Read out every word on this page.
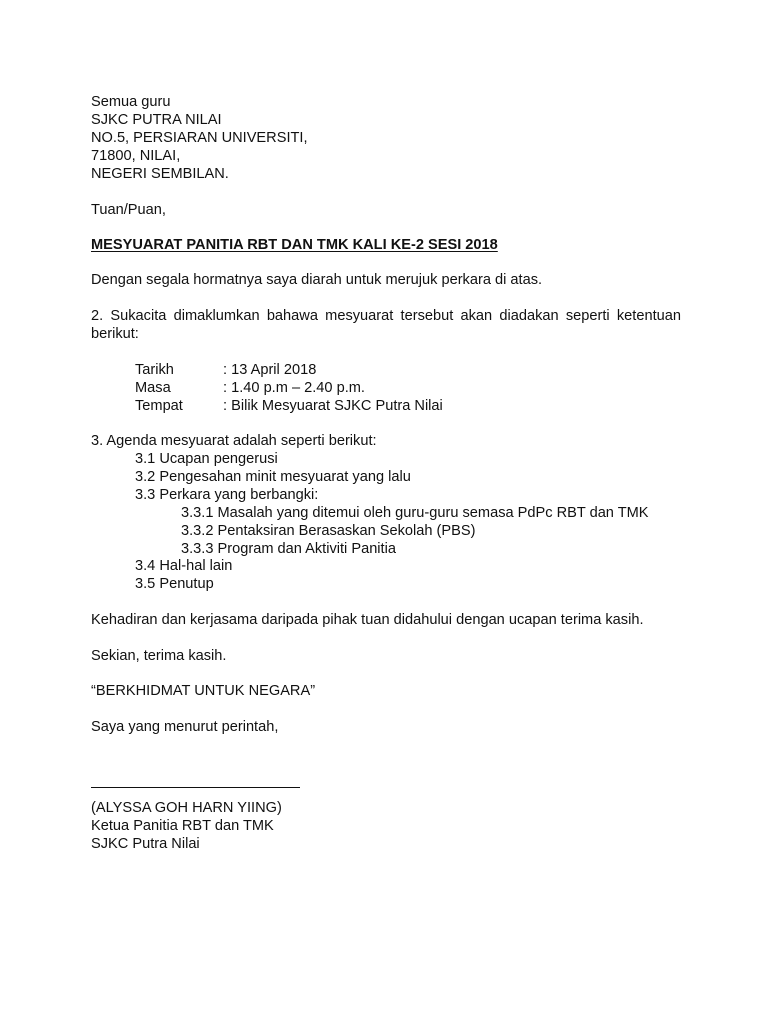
Semua guru
SJKC PUTRA NILAI
NO.5, PERSIARAN UNIVERSITI,
71800, NILAI,
NEGERI SEMBILAN.
Tuan/Puan,
MESYUARAT PANITIA RBT DAN TMK KALI KE-2 SESI 2018
Dengan segala hormatnya saya diarah untuk merujuk perkara di atas.
2. Sukacita dimaklumkan bahawa mesyuarat tersebut akan diadakan seperti ketentuan berikut:
Tarikh	: 13 April 2018
Masa	: 1.40 p.m – 2.40 p.m.
Tempat	: Bilik Mesyuarat SJKC Putra Nilai
3. Agenda mesyuarat adalah seperti berikut:
3.1 Ucapan pengerusi
3.2 Pengesahan minit mesyuarat yang lalu
3.3 Perkara yang berbangki:
3.3.1 Masalah yang ditemui oleh guru-guru semasa PdPc RBT dan TMK
3.3.2 Pentaksiran Berasaskan Sekolah (PBS)
3.3.3 Program dan Aktiviti Panitia
3.4 Hal-hal lain
3.5 Penutup
Kehadiran dan kerjasama daripada pihak tuan didahului dengan ucapan terima kasih.
Sekian, terima kasih.
“BERKHIDMAT UNTUK NEGARA”
Saya yang menurut perintah,
(ALYSSA GOH HARN YIING)
Ketua Panitia RBT dan TMK
SJKC Putra Nilai
